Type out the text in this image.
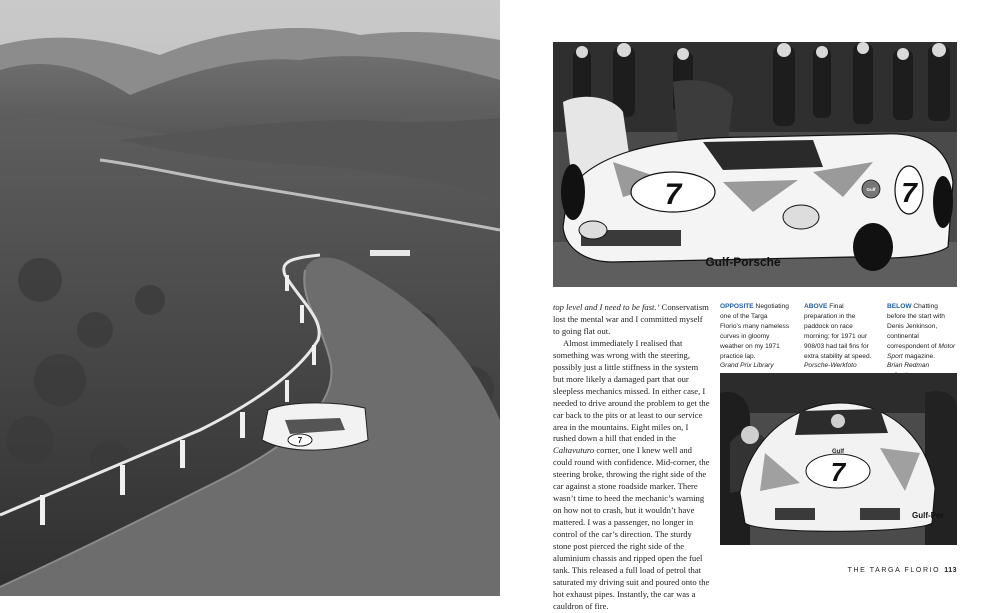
7
7	7
Gulf
Gulf-Porsche

top level and I need to be fast.’ Conservatism lost the mental war and I committed myself to going flat out.

Almost immediately I realised that something was wrong with the steering, possibly just a little stiffness in the system but more likely a damaged part that our sleepless mechanics missed. In either case, I needed to drive around the problem to get the car back to the pits or at least to our service area in the mountains. Eight miles on, I rushed down a hill that ended in the Caltavuturo corner, one I knew well and could round with confidence. Mid-corner, the steering broke, throwing the right side of the car against a stone roadside marker. There wasn’t time to heed the mechanic’s warning on how not to crash, but it wouldn’t have mattered. I was a passenger, no longer in control of the car’s direction. The sturdy stone post pierced the right side of the aluminium chassis and ripped open the fuel tank. This released a full load of petrol that saturated my driving suit and poured onto the hot exhaust pipes. Instantly, the car was a cauldron of fire.

OPPOSITE Negotiating one of the Targa Florio’s many nameless curves in gloomy weather on my 1971 practice lap.
Grand Prix Library
ABOVE Final preparation in the paddock on race morning; for 1971 our 908/03 had tail fins for extra stability at speed.
Porsche-Werkfoto
BELOW Chatting before the start with Denis Jenkinson, continental correspondent of Motor Sport magazine.
Brian Redman
7
Gulf
Gulf-Por
THE TARGA FLORIO 113
